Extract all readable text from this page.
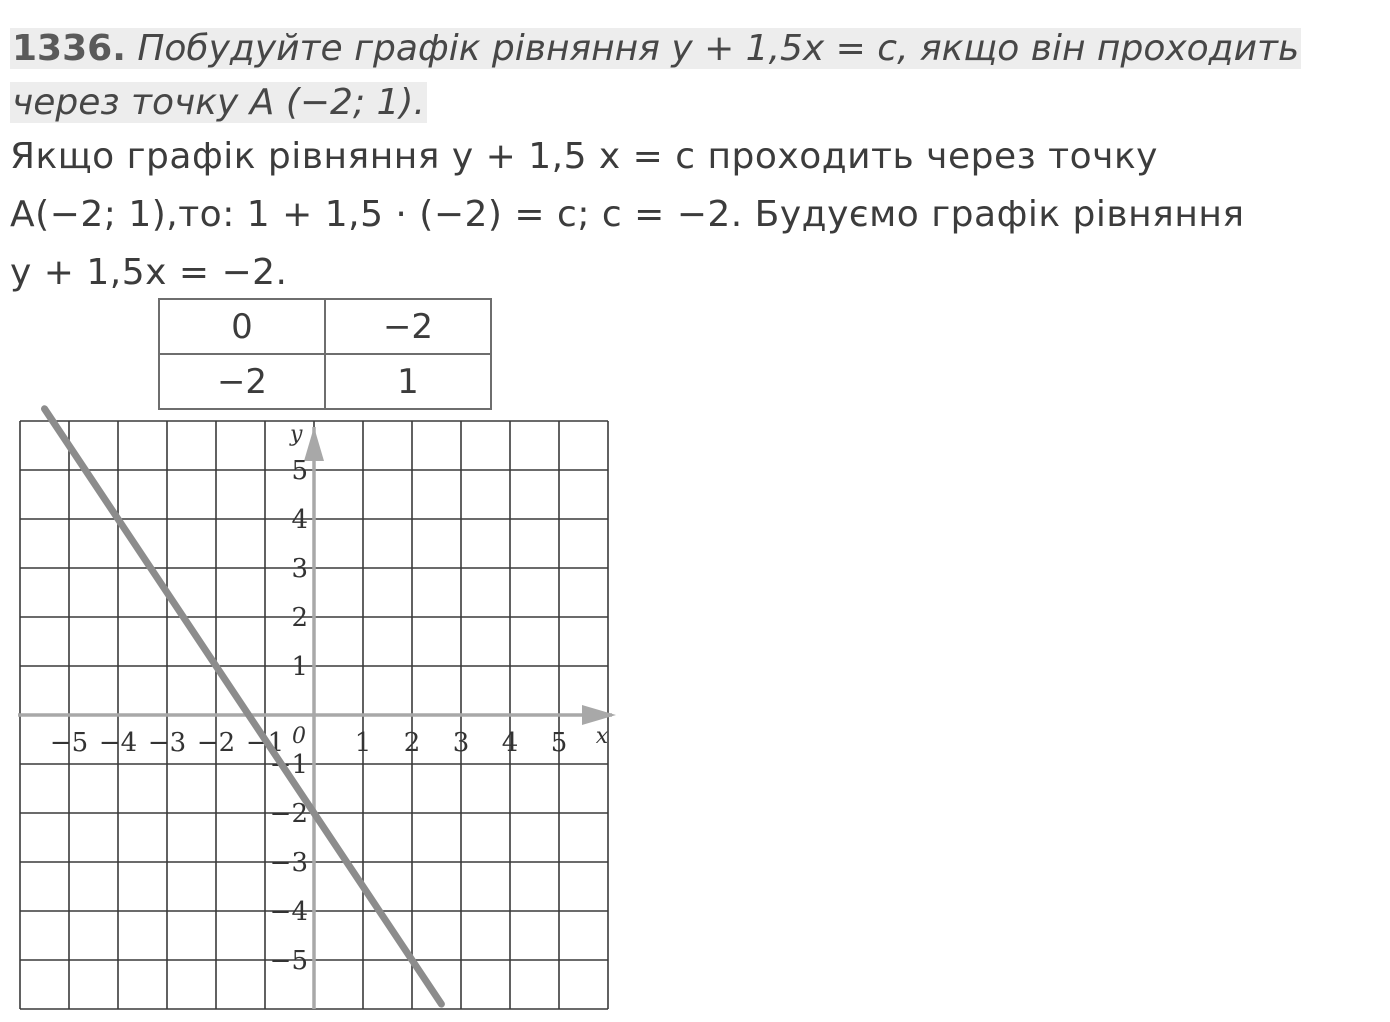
1336. Побудуйте графік рівняння y + 1,5x = c, якщо він проходить
через точку A (−2; 1).

Якщо графік рівняння y + 1,5 x = c проходить через точку

A(−2; 1),то: 1 + 1,5 · (−2) = c; c = −2. Будуємо графік рівняння

y + 1,5x = −2.

0	−2
−2	1
x
y
0
−5 −4 −3 −2 −1	1 2 3 4 5
5
4
3
2
1
−1
−2
−3
−4
−5
